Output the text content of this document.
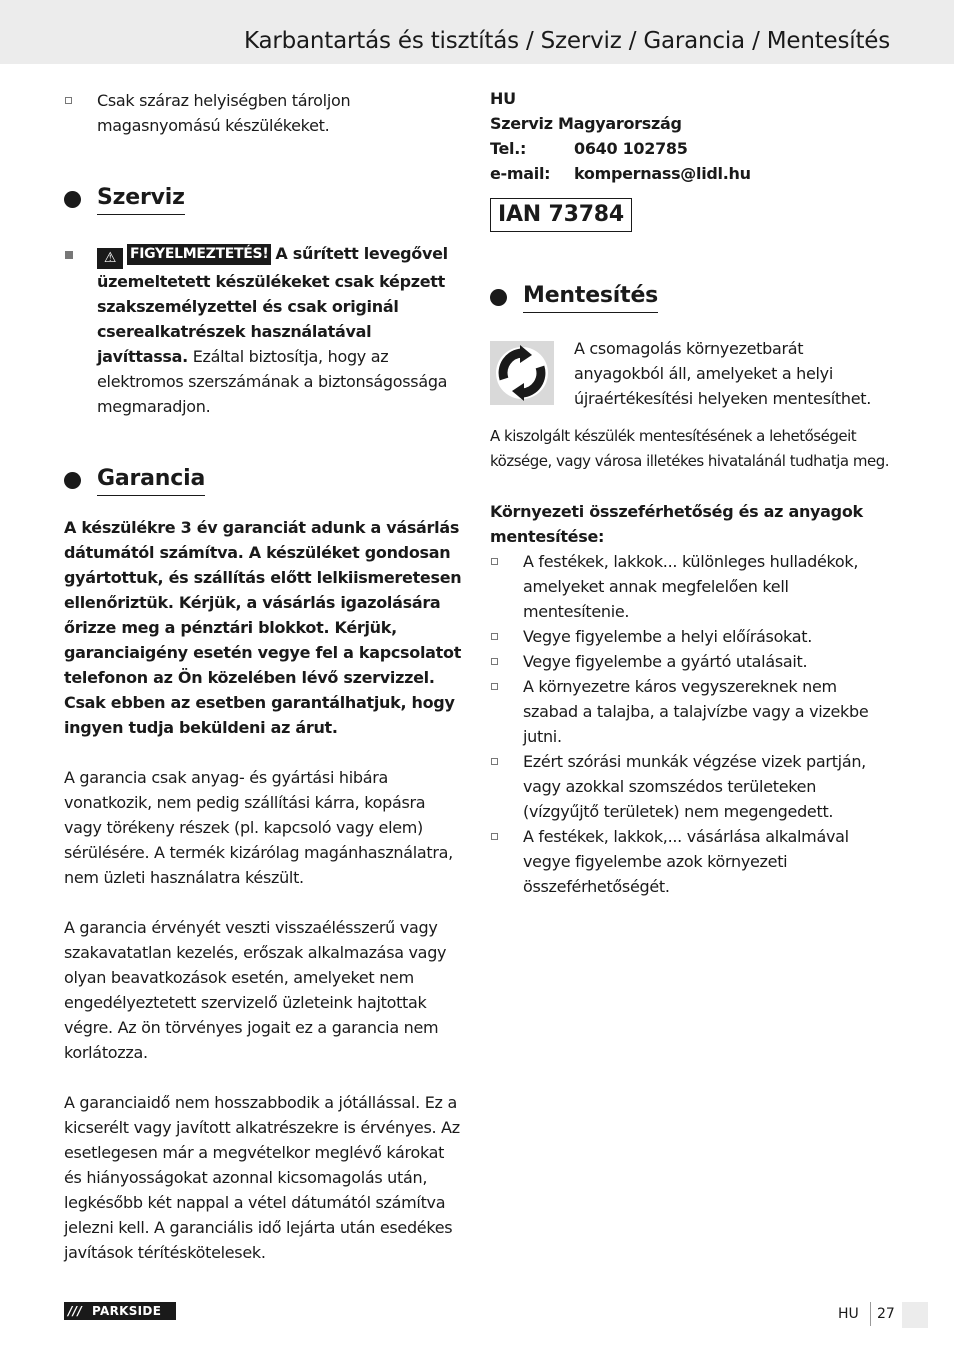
Karbantartás és tisztítás / Szerviz / Garancia / Mentesítés
Csak száraz helyiségben tároljon magasnyomású készülékeket.
Szerviz
⚠ FIGYELMEZTETÉS! A sűrített levegővel üzemeltetett készülékeket csak képzett szakszemélyzettel és csak originál cserealkatrészek használatával javíttassa. Ezáltal biztosítja, hogy az elektromos szerszámának a biztonságossága megmaradjon.
Garancia

A készülékre 3 év garanciát adunk a vásárlás dátumától számítva. A készüléket gondosan gyártottuk, és szállítás előtt lelkiismeretesen ellenőriztük. Kérjük, a vásárlás igazolására őrizze meg a pénztári blokkot. Kérjük, garanciaigény esetén vegye fel a kapcsolatot telefonon az Ön közelében lévő szervizzel. Csak ebben az esetben garantálhatjuk, hogy ingyen tudja beküldeni az árut.

A garancia csak anyag- és gyártási hibára vonatkozik, nem pedig szállítási kárra, kopásra vagy törékeny részek (pl. kapcsoló vagy elem) sérülésére. A termék kizárólag magánhasználatra, nem üzleti használatra készült.

A garancia érvényét veszti visszaélésszerű vagy szakavatatlan kezelés, erőszak alkalmazása vagy olyan beavatkozások esetén, amelyeket nem engedélyeztetett szervizelő üzleteink hajtottak végre. Az ön törvényes jogait ez a garancia nem korlátozza.

A garanciaidő nem hosszabbodik a jótállással. Ez a kicserélt vagy javított alkatrészekre is érvényes. Az esetlegesen már a megvételkor meglévő károkat és hiányosságokat azonnal kicsomagolás után, legkésőbb két nappal a vétel dátumától számítva jelezni kell. A garanciális idő lejárta után esedékes javítások térítéskötelesek.

HU
Szerviz Magyarország
Tel.:	0640 102785
e-mail: kompernass@lidl.hu
IAN 73784
Mentesítés

A csomagolás környezetbarát anyagokból áll, amelyeket a helyi újraértékesítési helyeken mentesíthet.

A kiszolgált készülék mentesítésének a lehetőségeit községe, vagy városa illetékes hivatalánál tudhatja meg.

Környezeti összeférhetőség és az anyagok mentesítése:

A festékek, lakkok... különleges hulladékok, amelyeket annak megfelelően kell mentesítenie.
Vegye figyelembe a helyi előírásokat.
Vegye figyelembe a gyártó utalásait.
A környezetre káros vegyszereknek nem szabad a talajba, a talajvízbe vagy a vizekbe jutni.
Ezért szórási munkák végzése vizek partján, vagy azokkal szomszédos területeken (vízgyűjtő területek) nem megengedett.
A festékek, lakkok,... vásárlása alkalmával vegye figyelembe azok környezeti összeférhetőségét.
/// PARKSIDE	HU 27
